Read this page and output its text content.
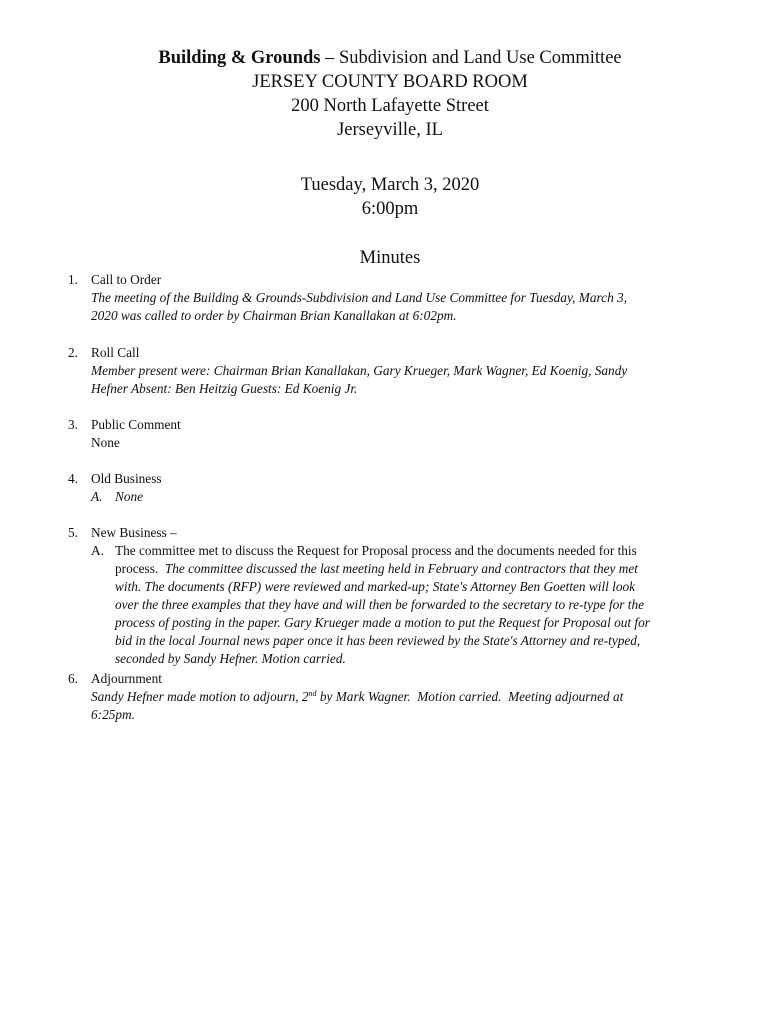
Building & Grounds – Subdivision and Land Use Committee
JERSEY COUNTY BOARD ROOM
200 North Lafayette Street
Jerseyville, IL
Tuesday, March 3, 2020
6:00pm
Minutes
1. Call to Order
The meeting of the Building & Grounds-Subdivision and Land Use Committee for Tuesday, March 3,
2020 was called to order by Chairman Brian Kanallakan at 6:02pm.
2. Roll Call
Member present were: Chairman Brian Kanallakan, Gary Krueger, Mark Wagner, Ed Koenig, Sandy
Hefner Absent: Ben Heitzig Guests: Ed Koenig Jr.
3. Public Comment
None
4. Old Business
A. None
5. New Business –
A. The committee met to discuss the Request for Proposal process and the documents needed for this
process.  The committee discussed the last meeting held in February and contractors that they met
with. The documents (RFP) were reviewed and marked-up; State's Attorney Ben Goetten will look
over the three examples that they have and will then be forwarded to the secretary to re-type for the
process of posting in the paper. Gary Krueger made a motion to put the Request for Proposal out for
bid in the local Journal news paper once it has been reviewed by the State's Attorney and re-typed,
seconded by Sandy Hefner. Motion carried.
6. Adjournment
Sandy Hefner made motion to adjourn, 2nd by Mark Wagner.  Motion carried.  Meeting adjourned at
6:25pm.
